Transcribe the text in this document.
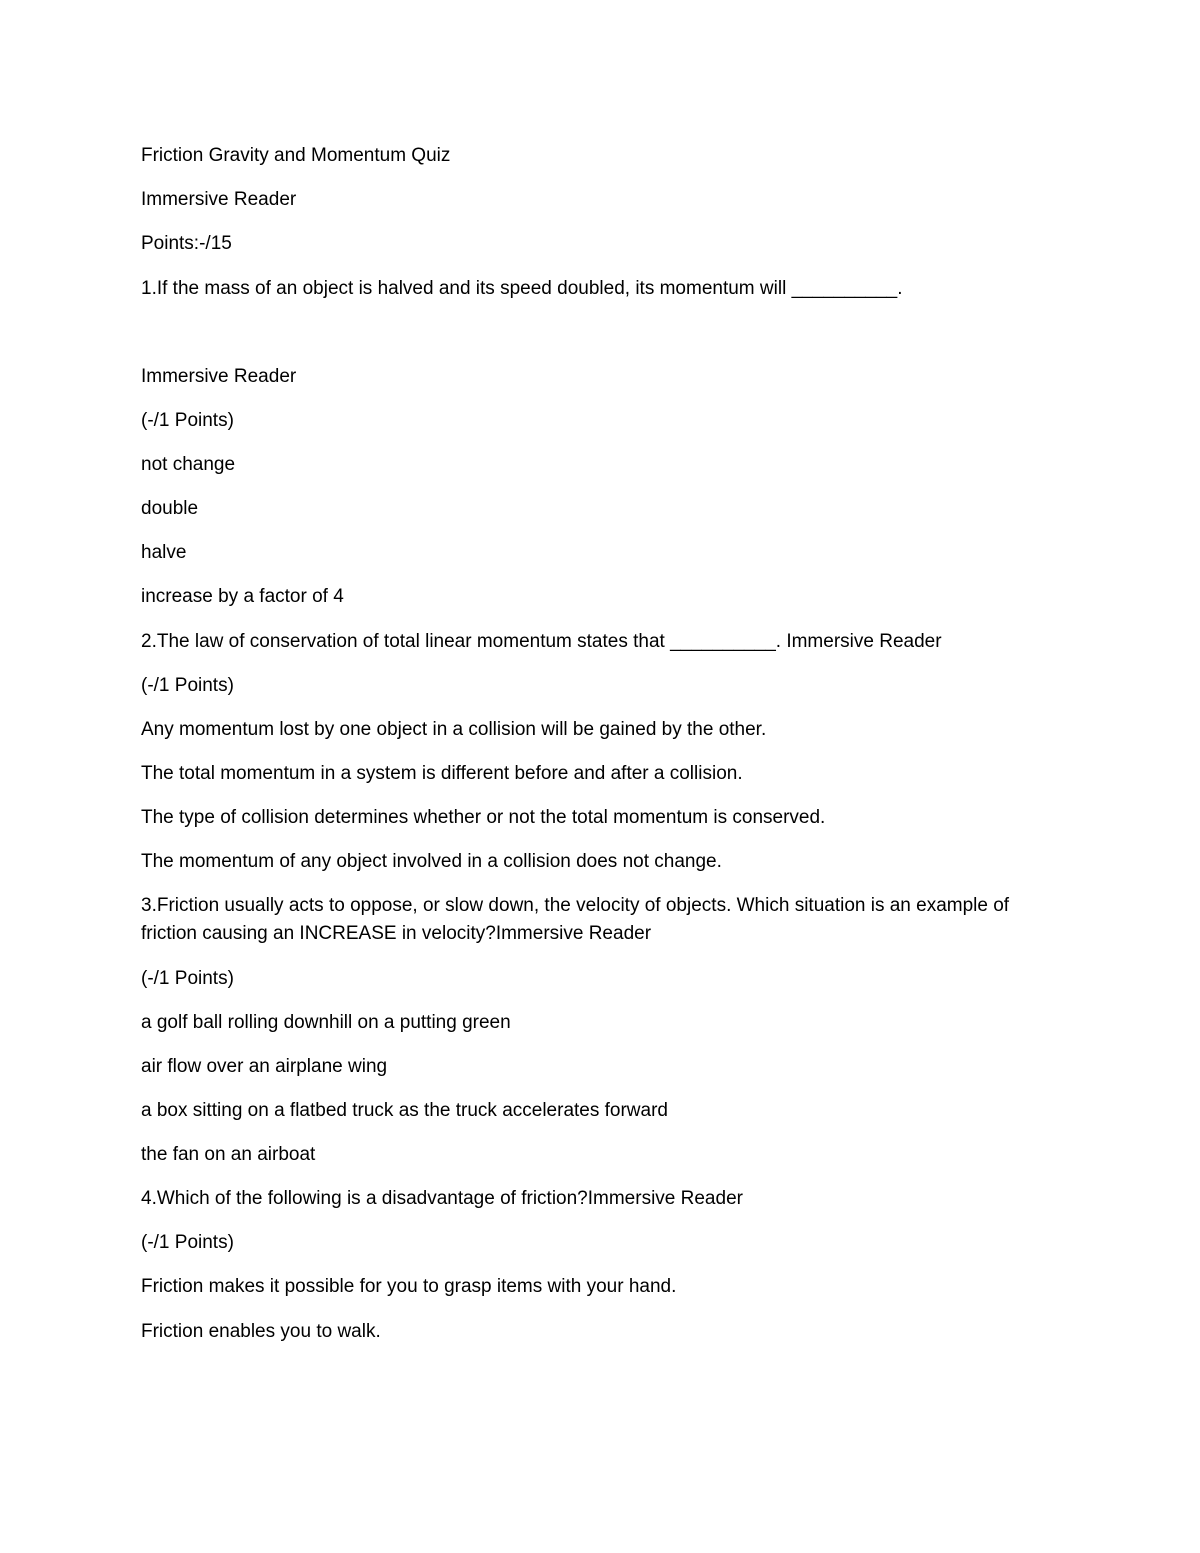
Friction Gravity and Momentum Quiz
Immersive Reader
Points:-/15
1.If the mass of an object is halved and its speed doubled, its momentum will __________.
Immersive Reader
(-/1 Points)
not change
double
halve
increase by a factor of 4
2.The law of conservation of total linear momentum states that __________. Immersive Reader
(-/1 Points)
Any momentum lost by one object in a collision will be gained by the other.
The total momentum in a system is different before and after a collision.
The type of collision determines whether or not the total momentum is conserved.
The momentum of any object involved in a collision does not change.
3.Friction usually acts to oppose, or slow down, the velocity of objects. Which situation is an example of
friction causing an INCREASE in velocity?Immersive Reader
(-/1 Points)
a golf ball rolling downhill on a putting green
air flow over an airplane wing
a box sitting on a flatbed truck as the truck accelerates forward
the fan on an airboat
4.Which of the following is a disadvantage of friction?Immersive Reader
(-/1 Points)
Friction makes it possible for you to grasp items with your hand.
Friction enables you to walk.
